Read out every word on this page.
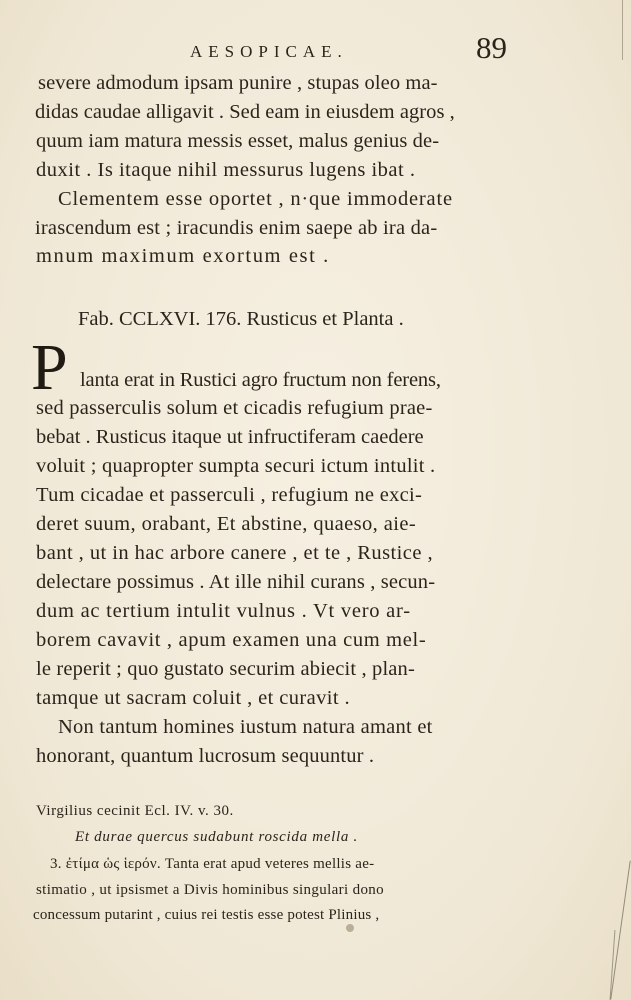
AESOPICAE.	89
severe admodum ipsam punire , stupas oleo ma-
didas caudae alligavit . Sed eam in eiusdem agros ,
quum iam matura messis esset, malus genius de-
duxit . Is itaque nihil messurus lugens ibat .
Clementem esse oportet , n·que immoderate
irascendum est ; iracundis enim saepe ab ira da-
mnum maximum exortum est .
Fab. CCLXVI. 176. Rusticus et Planta .
P lanta erat in Rustici agro fructum non ferens,
sed passerculis solum et cicadis refugium prae-
bebat . Rusticus itaque ut infructiferam caedere
voluit ; quapropter sumpta securi ictum intulit .
Tum cicadae et passerculi , refugium ne exci-
deret suum, orabant, Et abstine, quaeso, aie-
bant , ut in hac arbore canere , et te , Rustice ,
delectare possimus . At ille nihil curans , secun-
dum ac tertium intulit vulnus . Vt vero ar-
borem cavavit , apum examen una cum mel-
le reperit ; quo gustato securim abiecit , plan-
tamque ut sacram coluit , et curavit .
Non tantum homines iustum natura amant et
honorant, quantum lucrosum sequuntur .
Virgilius cecinit Ecl. IV. v. 30.
Et durae quercus sudabunt roscida mella .
3. ἐτίμα ὡς ἱερόν. Tanta erat apud veteres mellis ae-
stimatio , ut ipsismet a Divis hominibus singulari dono
concessum putarint , cuius rei testis esse potest Plinius ,
